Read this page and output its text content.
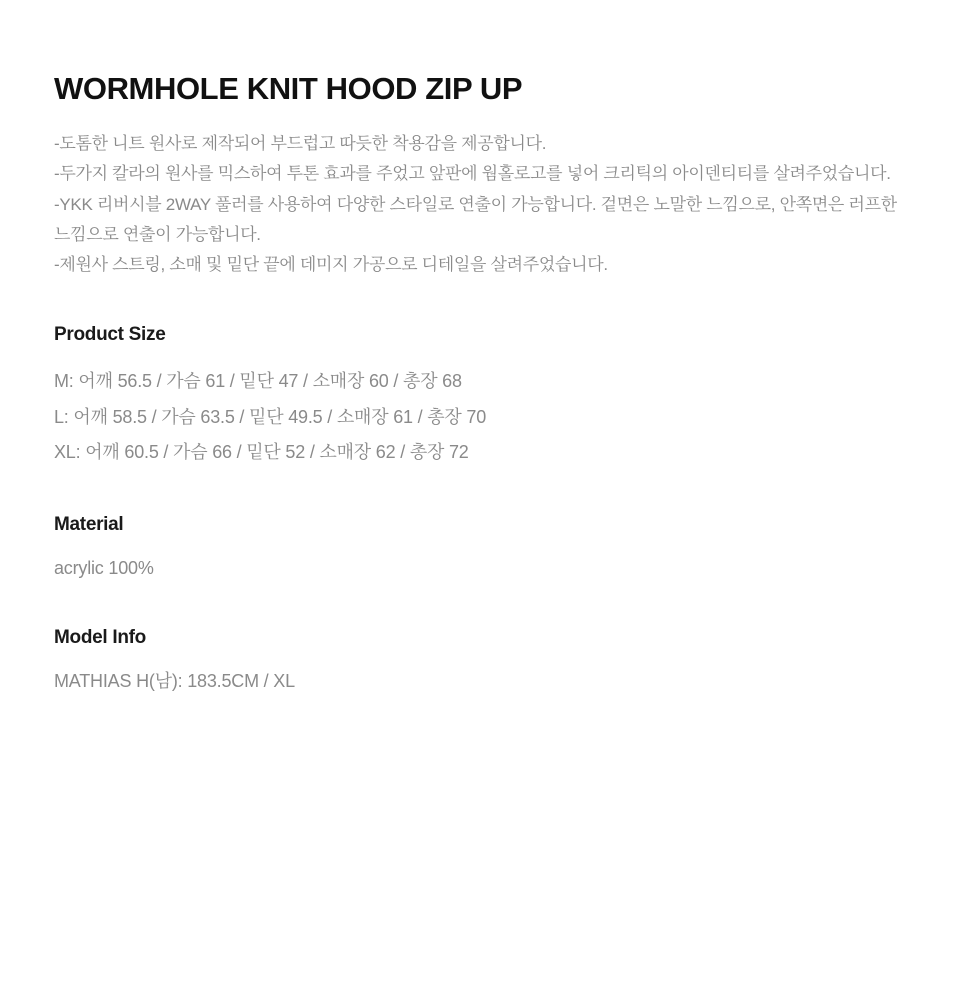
WORMHOLE KNIT HOOD ZIP UP

-도톰한 니트 원사로 제작되어 부드럽고 따듯한 착용감을 제공합니다.

-두가지 칼라의 원사를 믹스하여 투톤 효과를 주었고 앞판에 웜홀로고를 넣어 크리틱의 아이덴티티를 살려주었습니다.

-YKK 리버시블 2WAY 풀러를 사용하여 다양한 스타일로 연출이 가능합니다. 겉면은 노말한 느낌으로, 안쪽면은 러프한 느낌으로 연출이 가능합니다.

-제원사 스트링, 소매 및 밑단 끝에 데미지 가공으로 디테일을 살려주었습니다.

Product Size

M: 어깨 56.5 / 가슴 61 / 밑단 47 / 소매장 60 / 총장 68

L: 어깨 58.5 / 가슴 63.5 / 밑단 49.5 / 소매장 61 / 총장 70

XL: 어깨 60.5 / 가슴 66 / 밑단 52 / 소매장 62 / 총장 72

Material

acrylic 100%

Model Info

MATHIAS H(남): 183.5CM / XL
